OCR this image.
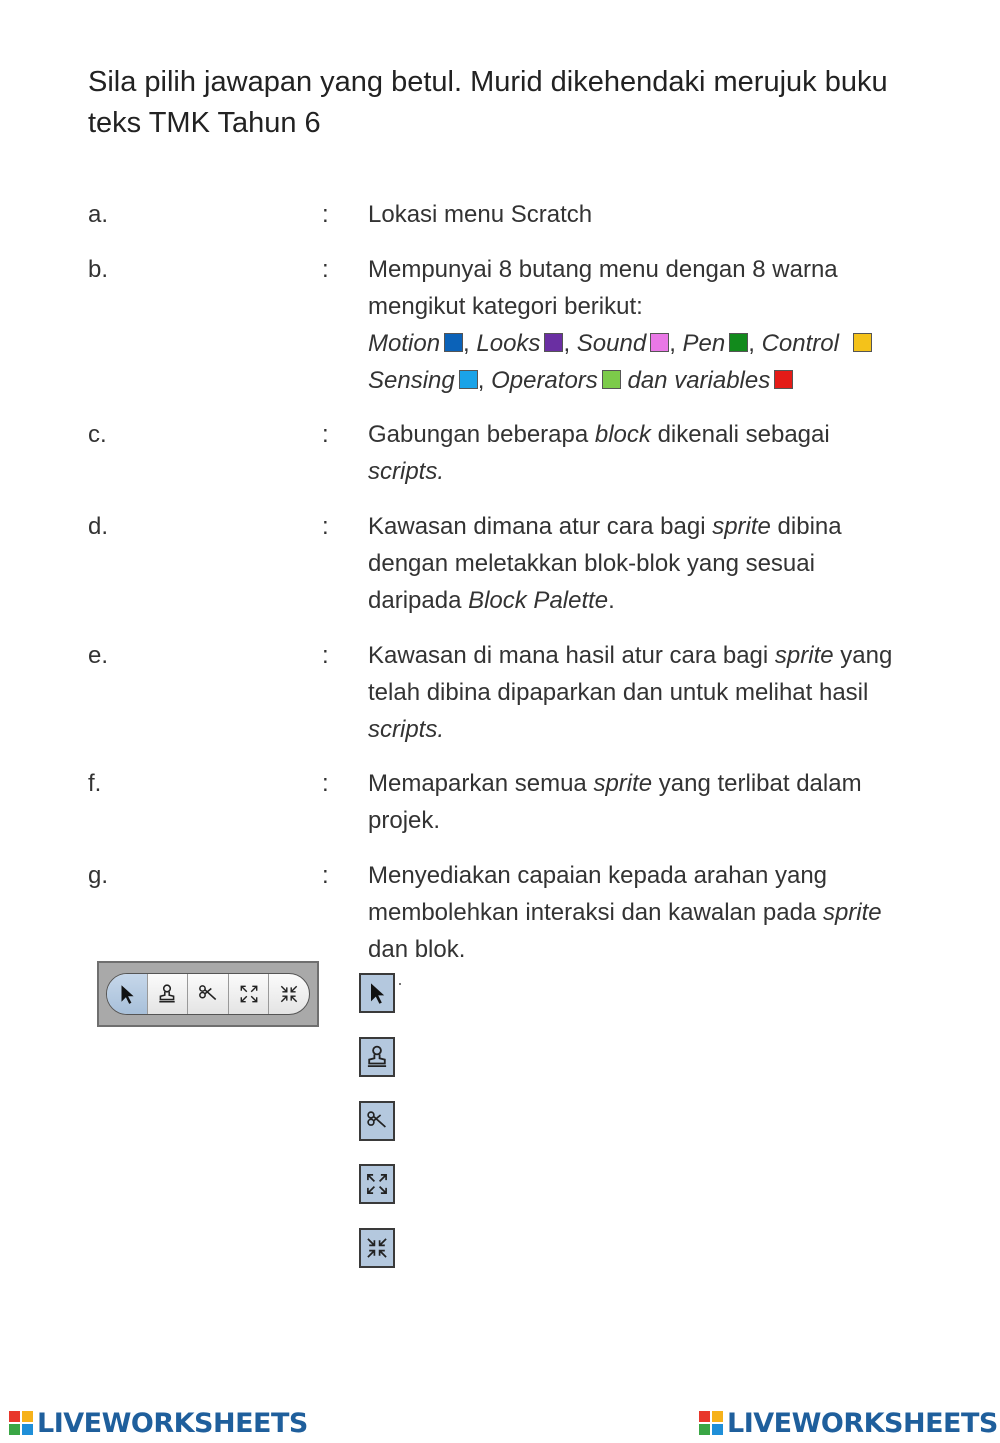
Sila pilih jawapan yang betul. Murid dikehendaki merujuk buku teks TMK Tahun 6
a.	: Lokasi menu Scratch
b.	: Mempunyai 8 butang menu dengan 8 warna
mengikut kategori berikut:
Motion , Looks , Sound , Pen , Control
Sensing , Operators dan variables
c.	: Gabungan beberapa block dikenali sebagai
scripts.
d.	: Kawasan dimana atur cara bagi sprite dibina
dengan meletakkan blok-blok yang sesuai
daripada Block Palette.
e.	: Kawasan di mana hasil atur cara bagi sprite yang
telah dibina dipaparkan dan untuk melihat hasil
scripts.
f.	: Memaparkan semua sprite yang terlibat dalam
projek.
g.	: Menyediakan capaian kepada arahan yang
membolehkan interaksi dan kawalan pada sprite
dan blok.
LIVEWORKSHEETS	LIVEWORKSHEETS
